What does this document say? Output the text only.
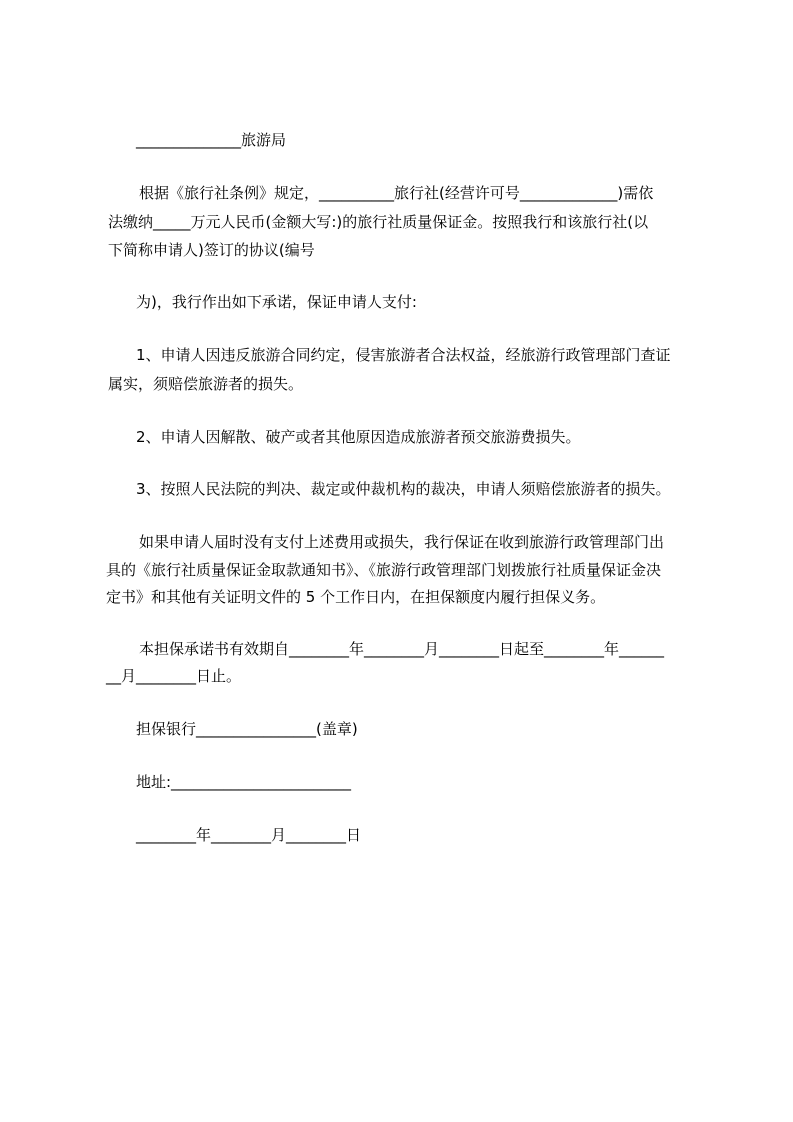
______________旅游局
根据《旅行社条例》规定，__________旅行社(经营许可号_____________)需依
法缴纳_____万元人民币(金额大写:)的旅行社质量保证金。按照我行和该旅行社(以
下简称申请人)签订的协议(编号
为)，我行作出如下承诺，保证申请人支付:
1、申请人因违反旅游合同约定，侵害旅游者合法权益，经旅游行政管理部门查证
属实，须赔偿旅游者的损失。
2、申请人因解散、破产或者其他原因造成旅游者预交旅游费损失。
3、按照人民法院的判决、裁定或仲裁机构的裁决，申请人须赔偿旅游者的损失。
如果申请人届时没有支付上述费用或损失，我行保证在收到旅游行政管理部门出
具的《旅行社质量保证金取款通知书》、《旅游行政管理部门划拨旅行社质量保证金决
定书》和其他有关证明文件的 5 个工作日内，在担保额度内履行担保义务。
本担保承诺书有效期自________年________月________日起至________年______
__月________日止。
担保银行________________(盖章)
地址:________________________
________年________月________日
